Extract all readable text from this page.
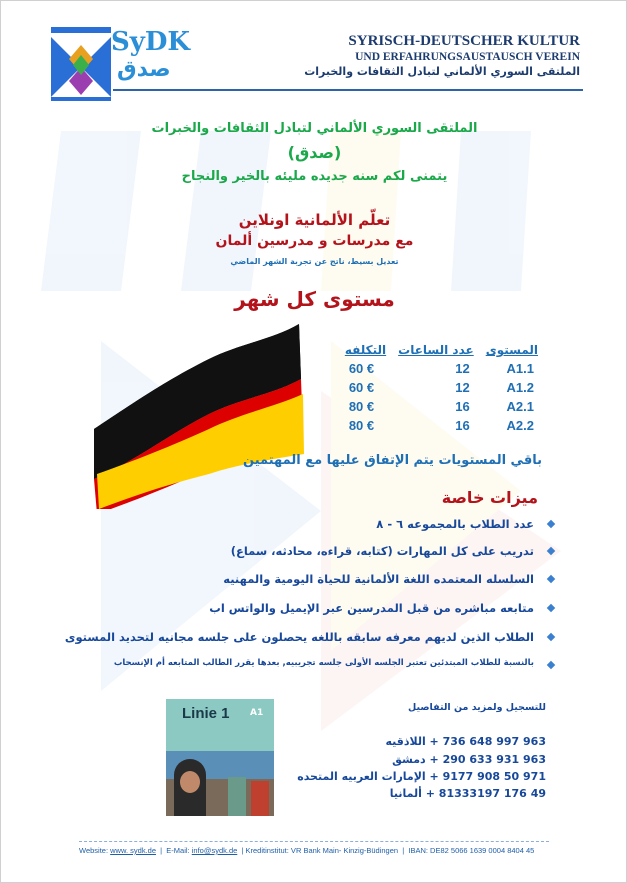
SyDK
صدق
SYRISCH-DEUTSCHER KULTUR
UND ERFAHRUNGSAUSTAUSCH VEREIN
الملتقى السوري الألماني لتبادل الثقافات والخبرات
الملتقى السوري الألماني لتبادل الثقافات والخبرات
(صدق)
يتمنى لكم سنه جديده مليئه بالخير والنجاح
تعلّم الألمانية اونلاين
مع مدرسات و مدرسين ألمان
تعديل بسيط، ناتج عن تجربة الشهر الماضي
مستوى كل شهر
المستوى	عدد الساعات	التكلفه
A1.1	12	60 €
A1.2	12	60 €
A2.1	16	80 €
A2.2	16	80 €
باقي المستويات يتم الإتفاق عليها مع المهتمين
ميزات خاصة
عدد الطلاب بالمجموعه ٦ - ٨
تدريب على كل المهارات (كتابه، قراءه، محادثه، سماع)
السلسله المعتمده اللغة الألمانية للحياة اليومية والمهنيه
متابعه مباشره من قبل المدرسين عبر الإيميل والواتس اب
الطلاب الذين لديهم معرفه سابقه باللغه يحصلون على جلسه مجانيه لتحديد المستوى
بالنسبة للطلاب المبتدئين تعتبر الجلسه الأولى جلسه تجريبيه, بعدها يقرر الطالب المتابعه أم الإنسحاب
Linie 1 A1	للتسجيل ولمزيد من التفاصيل
963 997 648 736 + اللاذقيه
963 931 633 290 + دمشق
971 50 908 9177 + الإمارات العربيه المتحده
49 176 81333197 + ألمانيا
Website: www. sydk.de  |  E-Mail: info@sydk.de  | Kreditinstitut: VR Bank Main- Kinzig-Büdingen  |  IBAN: DE82 5066 1639 0004 8404 45
